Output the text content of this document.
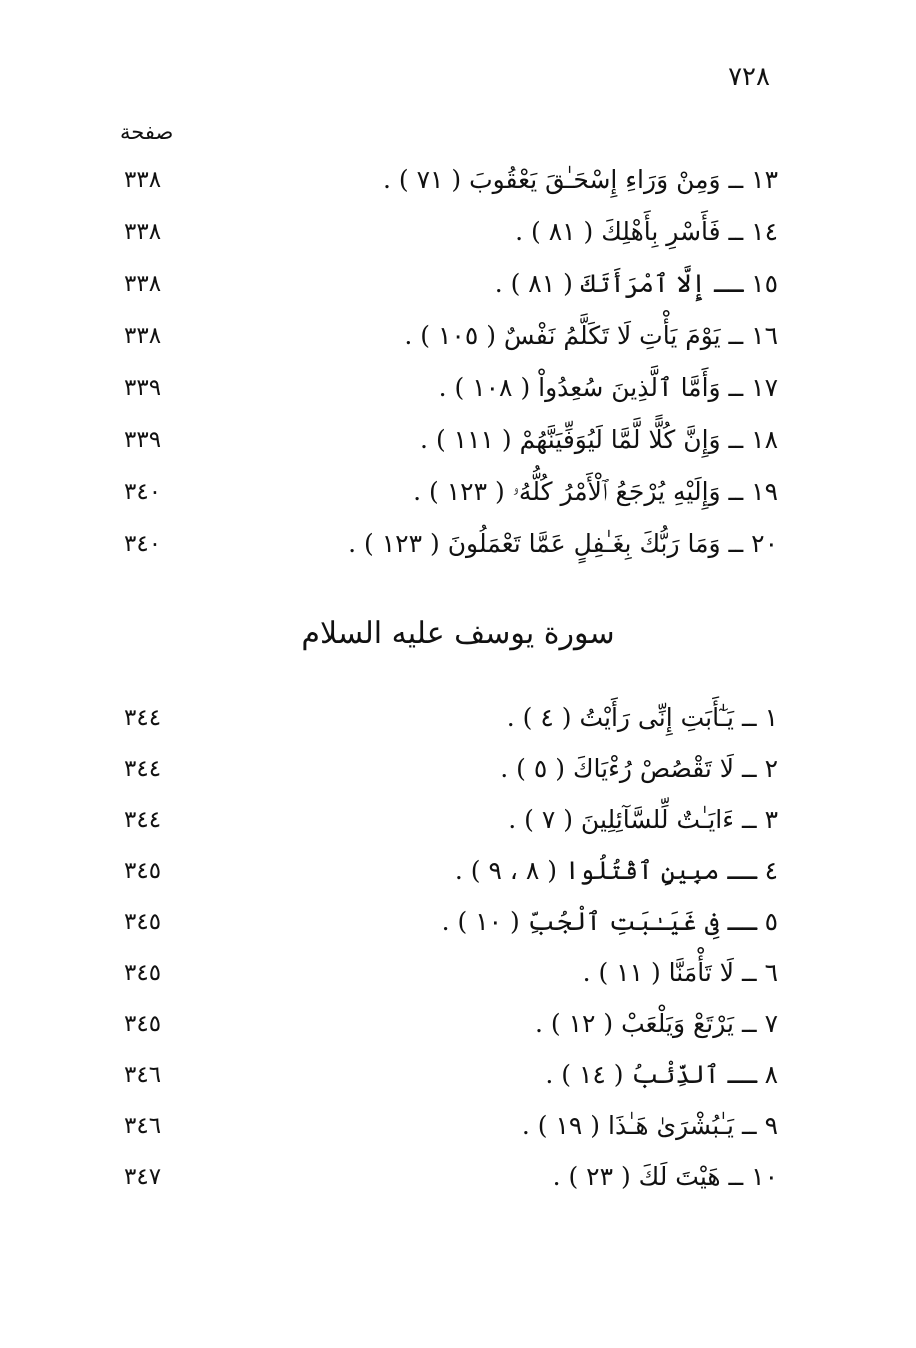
٧٢٨
صفحة
١٣ ــ وَمِنْ وَرَاءِ إِسْحَـٰقَ يَعْقُوبَ ( ٧١ ) .
٣٣٨
١٤ ــ فَأَسْرِ بِأَهْلِكَ ( ٨١ ) .
٣٣٨
١٥ ــ إِلَّا ٱمْرَأَتَكَ ( ٨١ ) .
٣٣٨
١٦ ــ يَوْمَ يَأْتِ لَا تَكَلَّمُ نَفْسٌ ( ١٠٥ ) .
٣٣٨
١٧ ــ وَأَمَّا ٱلَّذِينَ سُعِدُواْ ( ١٠٨ ) .
٣٣٩
١٨ ــ وَإِنَّ كُلًّا لَّمَّا لَيُوَفِّيَنَّهُمْ ( ١١١ ) .
٣٣٩
١٩ ــ وَإِلَيْهِ يُرْجَعُ ٱلْأَمْرُ كُلُّهُۥ ( ١٢٣ ) .
٣٤٠
٢٠ ــ وَمَا رَبُّكَ بِغَـٰفِلٍ عَمَّا تَعْمَلُونَ ( ١٢٣ ) .
٣٤٠
سورة يوسف عليه السلام
١ ــ يَـٰٓأَبَتِ إِنِّى رَأَيْتُ ( ٤ ) .
٣٤٤
٢ ــ لَا تَقْصُصْ رُءْيَاكَ ( ٥ ) .
٣٤٤
٣ ــ ءَايَـٰتٌ لِّلسَّآئِلِينَ ( ٧ ) .
٣٤٤
٤ ــ مبِينٍ ٱقْتُلُوا ( ٨ ، ٩ ) .
٣٤٥
٥ ــ فِى غَيَـٰبَتِ ٱلْجُبِّ ( ١٠ ) .
٣٤٥
٦ ــ لَا تَأْمَنَّا ( ١١ ) .
٣٤٥
٧ ــ يَرْتَعْ وَيَلْعَبْ ( ١٢ ) .
٣٤٥
٨ ــ ٱلذِّئْبُ ( ١٤ ) .
٣٤٦
٩ ــ يَـٰبُشْرَىٰ هَـٰذَا ( ١٩ ) .
٣٤٦
١٠ ــ هَيْتَ لَكَ ( ٢٣ ) .
٣٤٧
